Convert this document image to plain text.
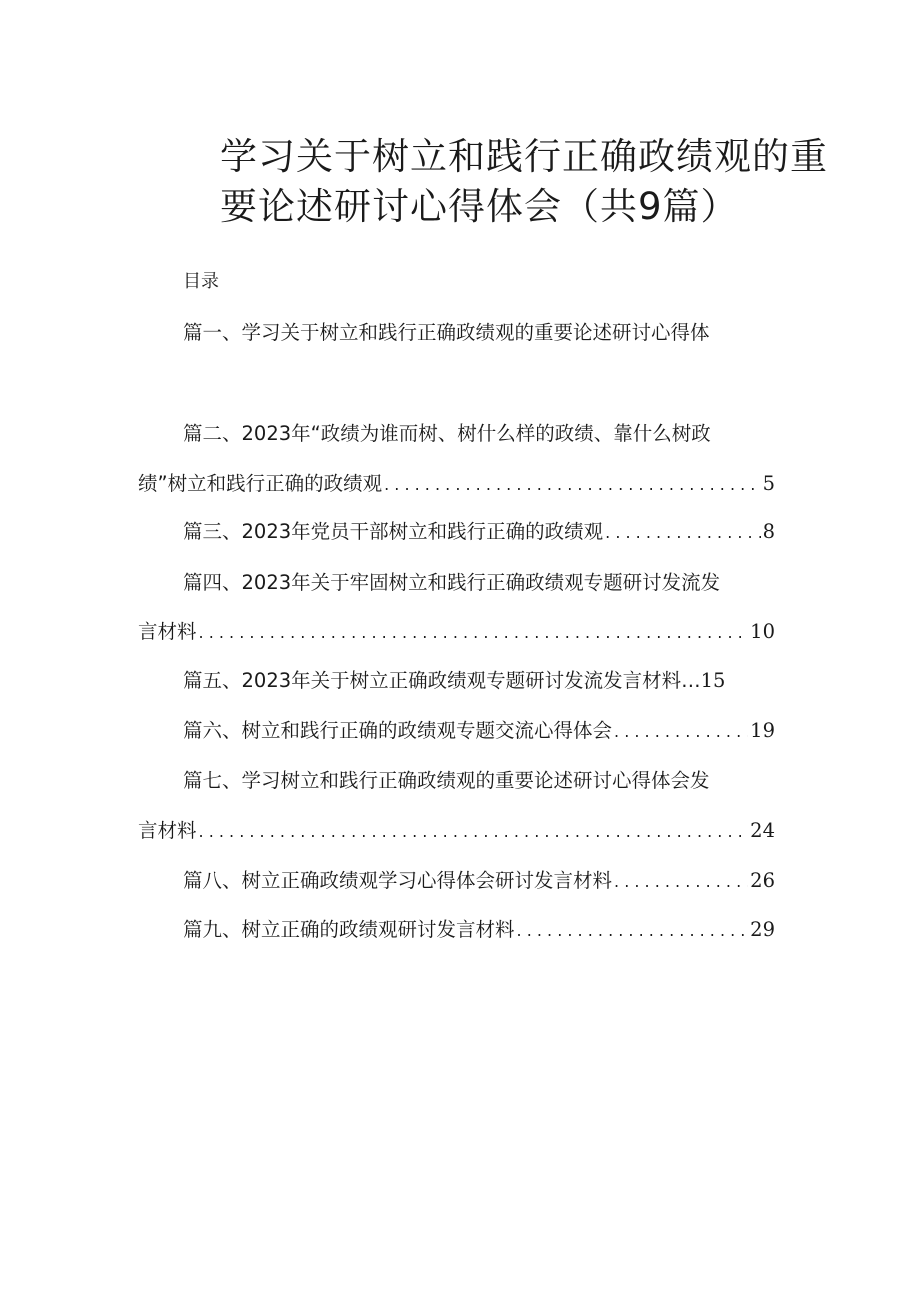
学习关于树立和践行正确政绩观的重
要论述研讨心得体会（共9篇）
目录
篇一、学习关于树立和践行正确政绩观的重要论述研讨心得体
篇二、2023年“政绩为谁而树、树什么样的政绩、靠什么树政
绩”树立和践行正确的政绩观 . . .	5
篇三、2023年党员干部树立和践行正确的政绩观 . . .	8
篇四、2023年关于牢固树立和践行正确政绩观专题研讨发流发
言材料 . . .	10
篇五、2023年关于树立正确政绩观专题研讨发流发言材料… 15
篇六、树立和践行正确的政绩观专题交流心得体会 . . .	19
篇七、学习树立和践行正确政绩观的重要论述研讨心得体会发
言材料 . . .	24
篇八、树立正确政绩观学习心得体会研讨发言材料 . . .	26
篇九、树立正确的政绩观研讨发言材料 . . .	29
